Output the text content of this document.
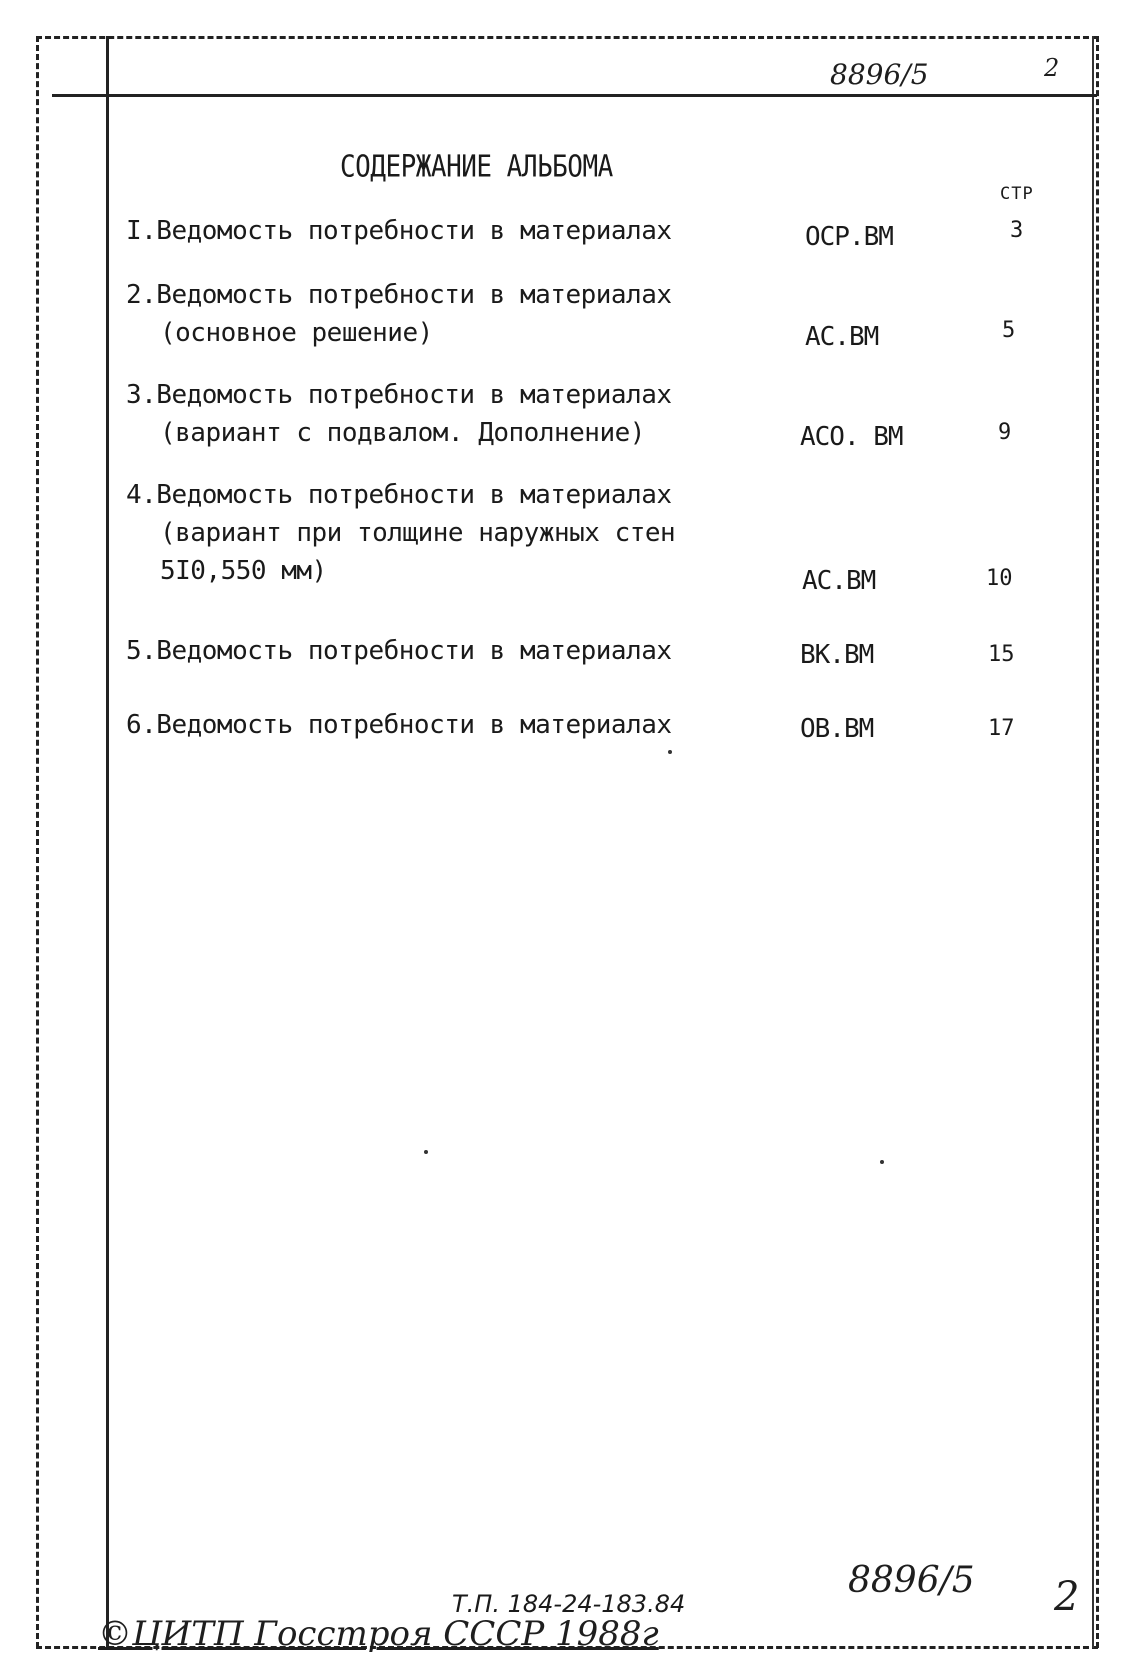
8896/5	2
СОДЕРЖАНИЕ АЛЬБОМА
СТР
I.Ведомость потребности в материалах	ОСР.ВМ	3
2.Ведомость потребности в материалах
(основное решение)	АС.ВМ	5
3.Ведомость потребности в материалах
(вариант с подвалом. Дополнение)	АСО. ВМ	9
4.Ведомость потребности в материалах
(вариант при толщине наружных стен
5I0,550 мм)	АС.ВМ	10
5.Ведомость потребности в материалах	ВК.ВМ	15
6.Ведомость потребности в материалах	ОВ.ВМ	17
8896/5 2
Т.П. 184-24-183.84
©ЦИТП Госстроя СССР 1988г
